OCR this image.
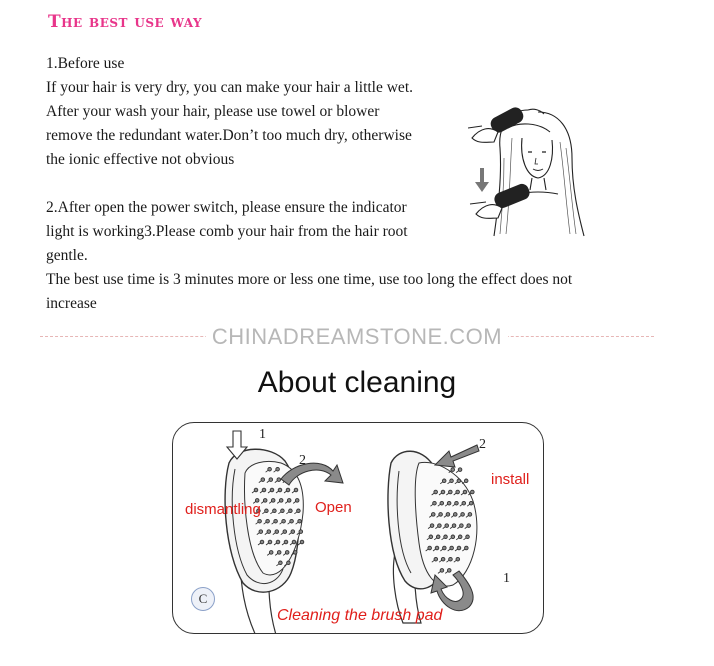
The best use way
1.Before use
If your hair is very dry, you can make your hair a little wet.
After your wash your hair, please use towel or blower
remove the redundant water.Don’t too much dry, otherwise
the ionic effective not obvious
2.After open the power switch, please ensure the indicator
light is working3.Please comb your hair from the hair root
gentle.
The best use time is 3 minutes more or less one time, use too long the effect does not
increase
CHINADREAMSTONE.COM
About cleaning
1
2
dismantling	Open
2
install
1
C
Cleaning the brush pad
